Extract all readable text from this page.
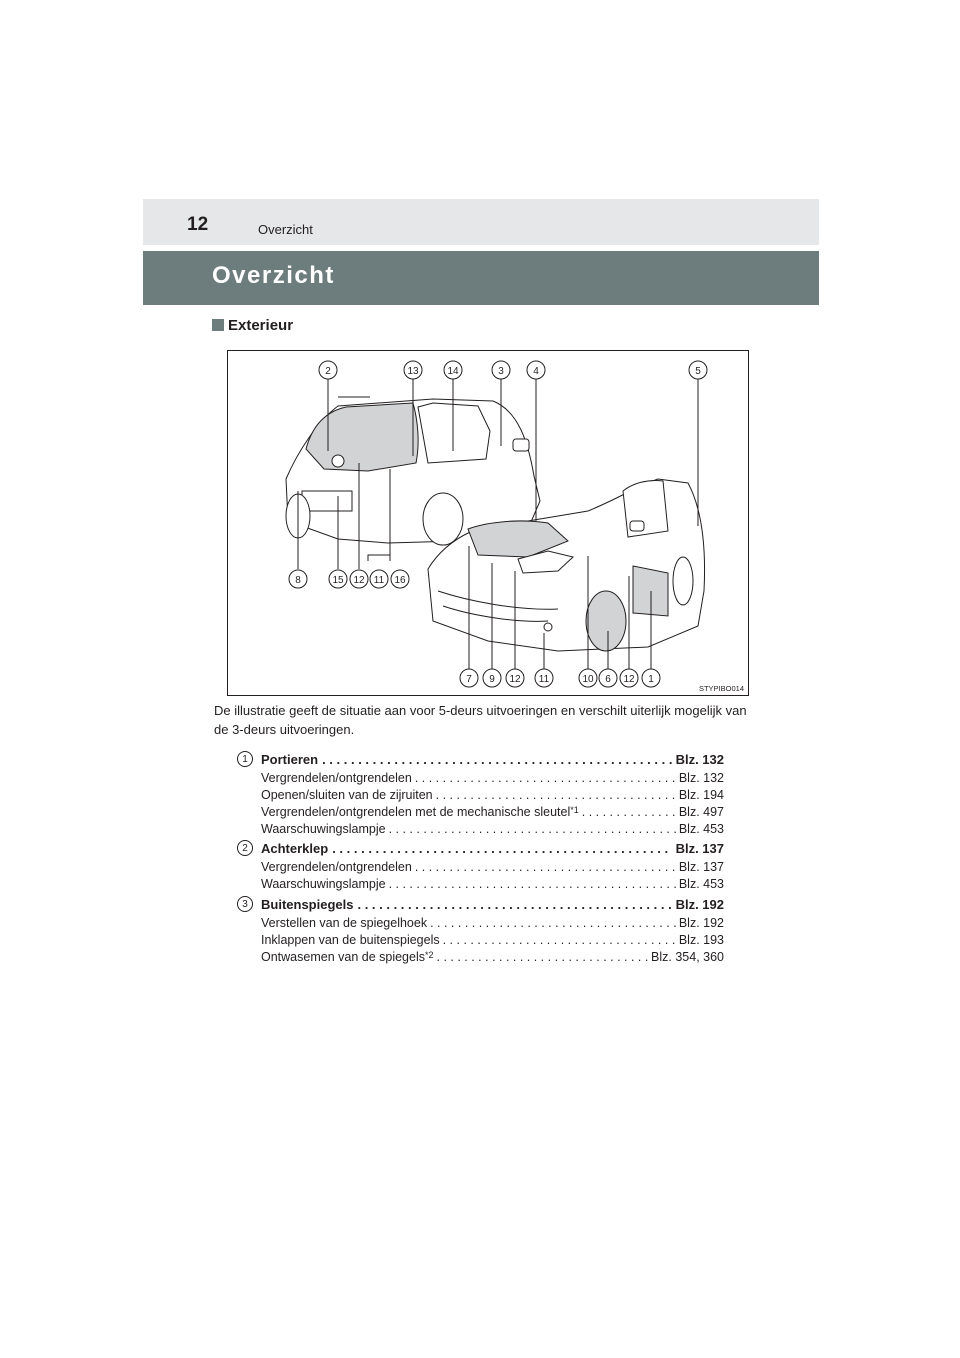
12	Overzicht
Overzicht
Exterieur
2	13	14	3	4	5
8	15 12 11 16
7 9 12 11	10 6 12 1
STYPIBO014
De illustratie geeft de situatie aan voor 5-deurs uitvoeringen en verschilt uiterlijk mogelijk van de 3-deurs uitvoeringen.
1	Portieren . . .	Blz. 132
Vergrendelen/ontgrendelen . . .	Blz. 132
Openen/sluiten van de zijruiten . . .	Blz. 194
Vergrendelen/ontgrendelen met de mechanische sleutel *1 . . .	Blz. 497
Waarschuwingslampje . . .	Blz. 453
2	Achterklep . . .	Blz. 137
Vergrendelen/ontgrendelen . . .	Blz. 137
Waarschuwingslampje . . .	Blz. 453
3	Buitenspiegels . . .	Blz. 192
Verstellen van de spiegelhoek . . .	Blz. 192
Inklappen van de buitenspiegels . . .	Blz. 193
Ontwasemen van de spiegels *2 . . .	Blz. 354, 360
